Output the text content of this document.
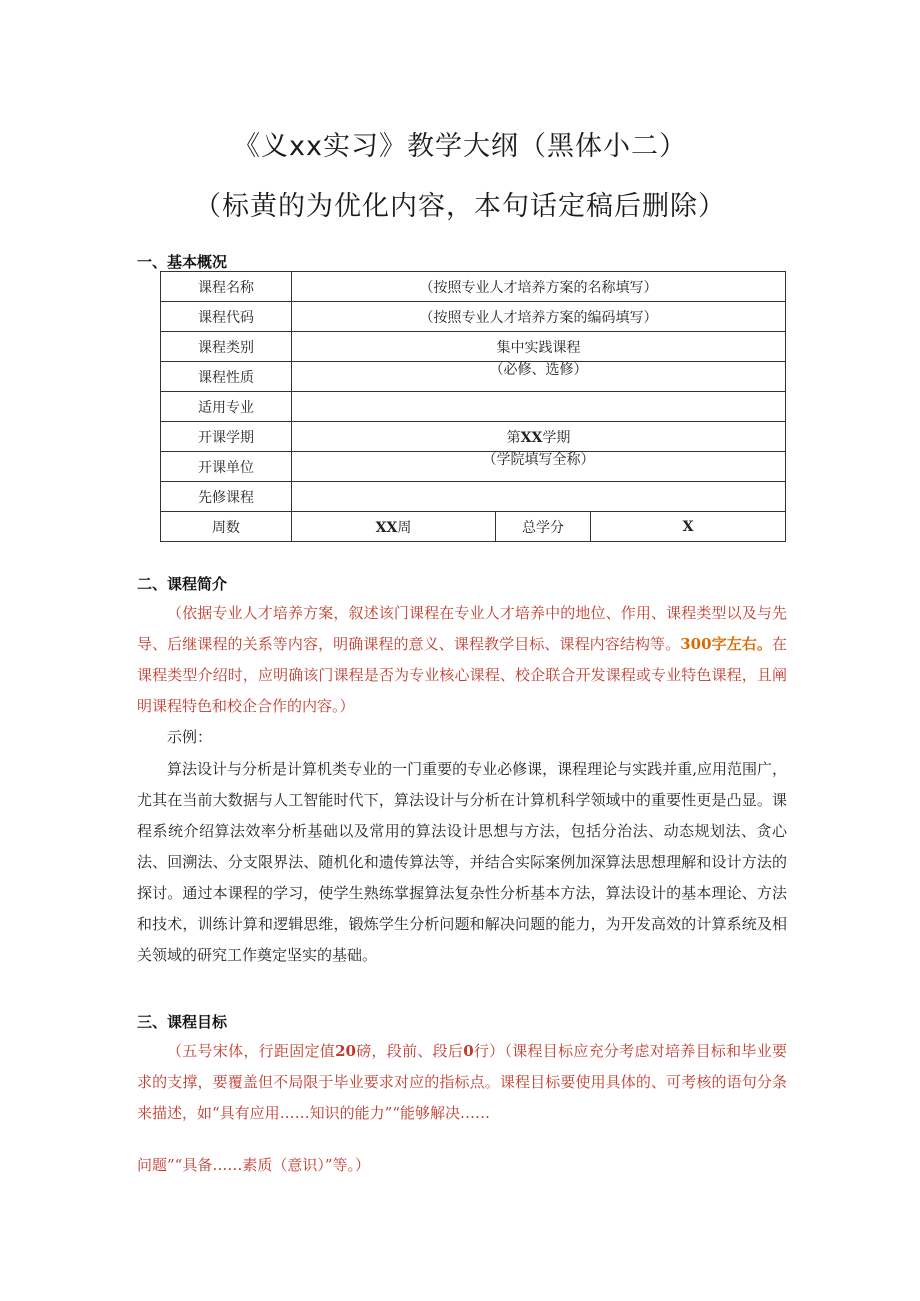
《义xx实习》教学大纲（黑体小二）
（标黄的为优化内容，本句话定稿后删除）
一、基本概况
课程名称	（按照专业人才培养方案的名称填写）		
课程代码	（按照专业人才培养方案的编码填写）		
课程类别	集中实践课程		
课程性质	（必修、选修）		
适用专业			
开课学期	第XX学期		
开课单位	（学院填写全称）		
先修课程			
周数	XX周	总学分	X
二、课程简介
（依据专业人才培养方案，叙述该门课程在专业人才培养中的地位、作用、课程类型以及与先导、后继课程的关系等内容，明确课程的意义、课程教学目标、课程内容结构等。300字左右。在课程类型介绍时，应明确该门课程是否为专业核心课程、校企联合开发课程或专业特色课程，且阐明课程特色和校企合作的内容。）
示例：
算法设计与分析是计算机类专业的一门重要的专业必修课，课程理论与实践并重,应用范围广，尤其在当前大数据与人工智能时代下，算法设计与分析在计算机科学领域中的重要性更是凸显。课程系统介绍算法效率分析基础以及常用的算法设计思想与方法，包括分治法、动态规划法、贪心法、回溯法、分支限界法、随机化和遗传算法等，并结合实际案例加深算法思想理解和设计方法的探讨。通过本课程的学习，使学生熟练掌握算法复杂性分析基本方法，算法设计的基本理论、方法和技术，训练计算和逻辑思维，锻炼学生分析问题和解决问题的能力，为开发高效的计算系统及相关领域的研究工作奠定坚实的基础。
三、课程目标
（五号宋体，行距固定值20磅，段前、段后0行）（课程目标应充分考虑对培养目标和毕业要求的支撑，要覆盖但不局限于毕业要求对应的指标点。课程目标要使用具体的、可考核的语句分条来描述，如“具有应用……知识的能力”“能够解决……
问题”“具备……素质（意识）”等。）
